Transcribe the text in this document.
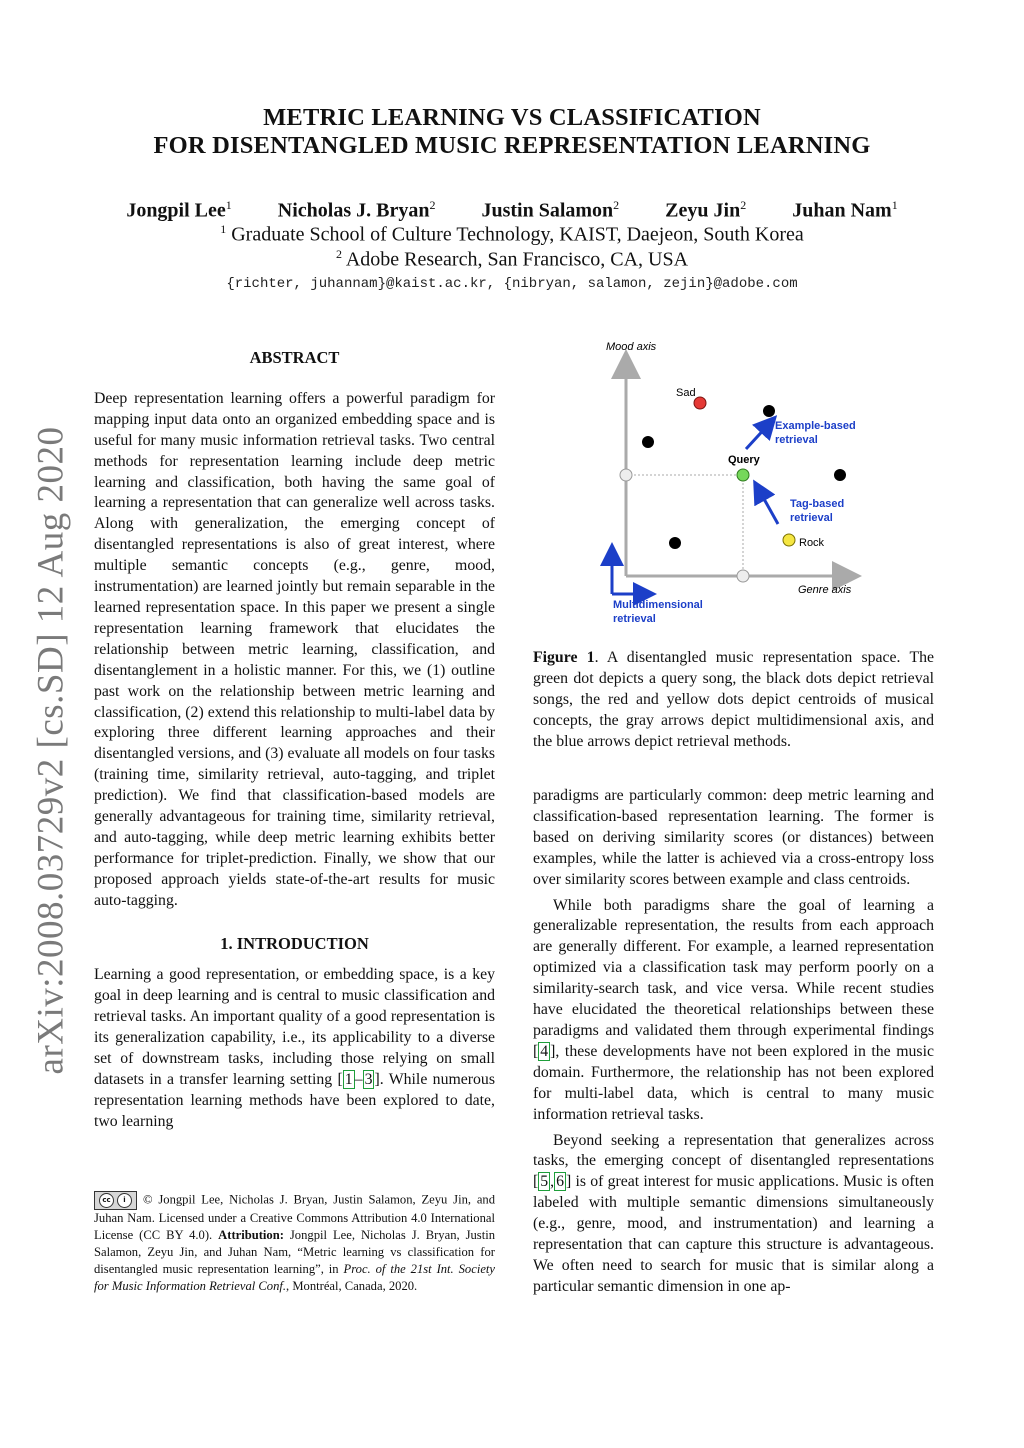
arXiv:2008.03729v2 [cs.SD] 12 Aug 2020
METRIC LEARNING VS CLASSIFICATION
FOR DISENTANGLED MUSIC REPRESENTATION LEARNING
Jongpil Lee$^1$ Nicholas J. Bryan$^2$ Justin Salamon$^2$ Zeyu Jin$^2$ Juhan Nam$^1$
$^1$ Graduate School of Culture Technology, KAIST, Daejeon, South Korea
$^2$ Adobe Research, San Francisco, CA, USA
{richter, juhannam}@kaist.ac.kr, {nibryan, salamon, zejin}@adobe.com

ABSTRACT

Deep representation learning offers a powerful paradigm for mapping input data onto an organized embedding space and is useful for many music information retrieval tasks. Two central methods for representation learning include deep metric learning and classification, both having the same goal of learning a representation that can generalize well across tasks. Along with generalization, the emerging concept of disentangled representations is also of great interest, where multiple semantic concepts (e.g., genre, mood, instrumentation) are learned jointly but remain separable in the learned representation space. In this paper we present a single representation learning framework that elucidates the relationship between metric learning, classification, and disentanglement in a holistic manner. For this, we (1) outline past work on the relationship between metric learning and classification, (2) extend this relationship to multi-label data by exploring three different learning approaches and their disentangled versions, and (3) evaluate all models on four tasks (training time, similarity retrieval, auto-tagging, and triplet prediction). We find that classification-based models are generally advantageous for training time, similarity retrieval, and auto-tagging, while deep metric learning exhibits better performance for triplet-prediction. Finally, we show that our proposed approach yields state-of-the-art results for music auto-tagging.

1. INTRODUCTION

Learning a good representation, or embedding space, is a key goal in deep learning and is central to music classification and retrieval tasks. An important quality of a good representation is its generalization capability, i.e., its applicability to a diverse set of downstream tasks, including those relying on small datasets in a transfer learning setting [ 1 – 3 ]. While numerous representation learning methods have been explored to date, two learning

cc	i	© Jongpil Lee, Nicholas J. Bryan, Justin Salamon, Zeyu Jin, and Juhan Nam. Licensed under a Creative Commons Attribution 4.0 International License (CC BY 4.0). Attribution: Jongpil Lee, Nicholas J. Bryan, Justin Salamon, Zeyu Jin, and Juhan Nam, “Metric learning vs classification for disentangled music representation learning”, in Proc. of the 21st Int. Society for Music Information Retrieval Conf., Montréal, Canada, 2020.
Mood axis
Genre axis
Sad
Rock
Query
Example-based retrieval
Tag-based retrieval
Multidimensional retrieval
Figure 1. A disentangled music representation space. The green dot depicts a query song, the black dots depict retrieval songs, the red and yellow dots depict centroids of musical concepts, the gray arrows depict multidimensional axis, and the blue arrows depict retrieval methods.

paradigms are particularly common: deep metric learning and classification-based representation learning. The former is based on deriving similarity scores (or distances) between examples, while the latter is achieved via a cross-entropy loss over similarity scores between example and class centroids.

While both paradigms share the goal of learning a generalizable representation, the results from each approach are generally different. For example, a learned representation optimized via a classification task may perform poorly on a similarity-search task, and vice versa. While recent studies have elucidated the theoretical relationships between these paradigms and validated them through experimental findings [ 4 ], these developments have not been explored in the music domain. Furthermore, the relationship has not been explored for multi-label data, which is central to many music information retrieval tasks.

Beyond seeking a representation that generalizes across tasks, the emerging concept of disentangled representations [ 5 , 6 ] is of great interest for music applications. Music is often labeled with multiple semantic dimensions simultaneously (e.g., genre, mood, and instrumentation) and learning a representation that can capture this structure is advantageous. We often need to search for music that is similar along a particular semantic dimension in one ap-
